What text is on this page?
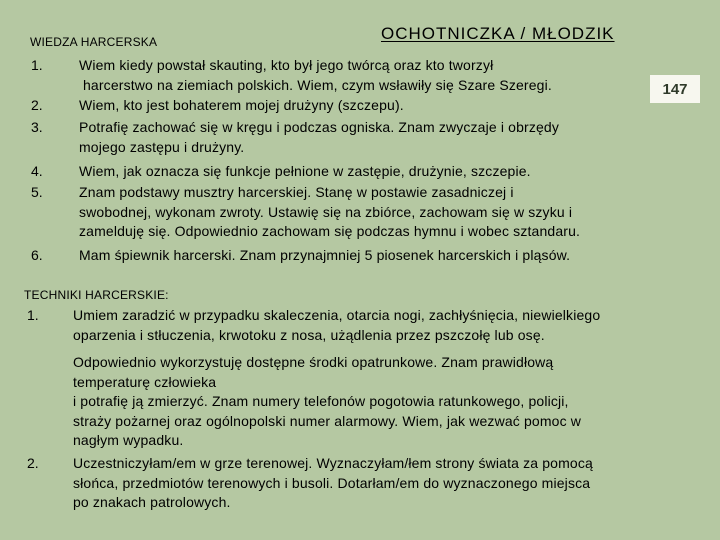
WIEDZA HARCERSKA	OCHOTNICZKA / MŁODZIK
147
1.
2.
3.
4.
5.
6.
Wiem kiedy powstał skauting, kto był jego twórcą oraz kto tworzył
harcerstwo na ziemiach polskich. Wiem, czym wsławiły się Szare Szeregi.
Wiem, kto jest bohaterem mojej drużyny (szczepu).
Potrafię zachować się w kręgu i podczas ogniska. Znam zwyczaje i obrzędy
mojego zastępu i drużyny.
Wiem, jak oznacza się funkcje pełnione w zastępie, drużynie, szczepie.
Znam podstawy musztry harcerskiej. Stanę w postawie zasadniczej i
swobodnej, wykonam zwroty. Ustawię się na zbiórce, zachowam się w szyku i
zamelduję się. Odpowiednio zachowam się podczas hymnu i wobec sztandaru.
Mam śpiewnik harcerski. Znam przynajmniej 5 piosenek harcerskich i pląsów.
TECHNIKI HARCERSKIE:
1. Umiem zaradzić w przypadku skaleczenia, otarcia nogi, zachłyśnięcia, niewielkiego
oparzenia i stłuczenia, krwotoku z nosa, użądlenia przez pszczołę lub osę.
Odpowiednio wykorzystuję dostępne środki opatrunkowe. Znam prawidłową
temperaturę człowieka
i potrafię ją zmierzyć. Znam numery telefonów pogotowia ratunkowego, policji,
straży pożarnej oraz ogólnopolski numer alarmowy. Wiem, jak wezwać pomoc w
nagłym wypadku.
2. Uczestniczyłam/em w grze terenowej. Wyznaczyłam/łem strony świata za pomocą
słońca, przedmiotów terenowych i busoli. Dotarłam/em do wyznaczonego miejsca
po znakach patrolowych.
